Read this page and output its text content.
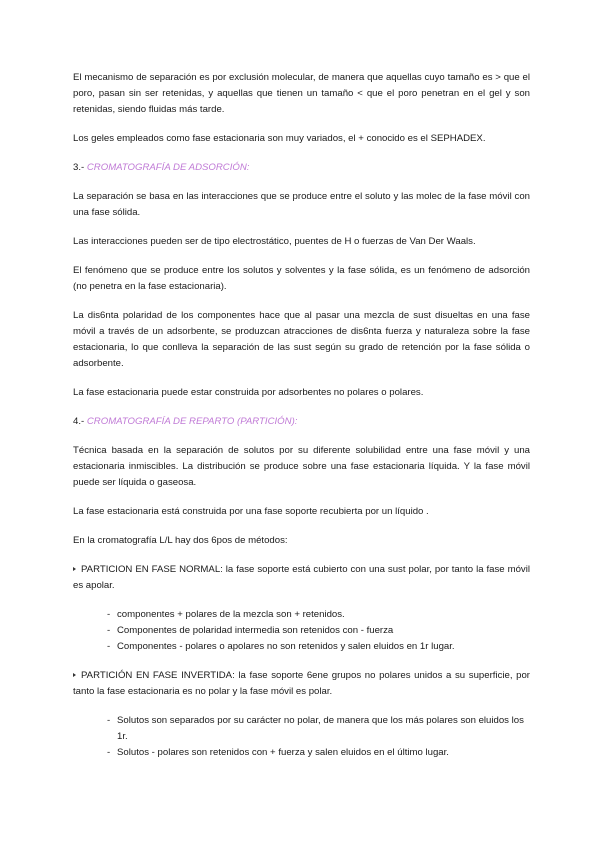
El mecanismo de separación es por exclusión molecular, de manera que aquellas cuyo tamaño es > que el poro, pasan sin ser retenidas, y aquellas que tienen un tamaño < que el poro penetran en el gel y son retenidas, siendo fluidas más tarde.

Los geles empleados como fase estacionaria son muy variados, el + conocido es el SEPHADEX.

3.- CROMATOGRAFÍA DE ADSORCIÓN:

La separación se basa en las interacciones que se produce entre el soluto y las molec de la fase móvil con una fase sólida.

Las interacciones pueden ser de tipo electrostático, puentes de H o fuerzas de Van Der Waals.

El fenómeno que se produce entre los solutos y solventes y la fase sólida, es un fenómeno de adsorción (no penetra en la fase estacionaria).

La dis6nta polaridad de los componentes hace que al pasar una mezcla de sust disueltas en una fase móvil a través de un adsorbente, se produzcan atracciones de dis6nta fuerza y naturaleza sobre la fase estacionaria, lo que conlleva la separación de las sust según su grado de retención por la fase sólida o adsorbente.

La fase estacionaria puede estar construida por adsorbentes no polares o polares.

4.- CROMATOGRAFÍA DE REPARTO (PARTICIÓN):

Técnica basada en la separación de solutos por su diferente solubilidad entre una fase móvil y una estacionaria inmiscibles. La distribución se produce sobre una fase estacionaria líquida. Y la fase móvil puede ser líquida o gaseosa.

La fase estacionaria está construida por una fase soporte recubierta por un líquido .

En la cromatografía L/L hay dos 6pos de métodos:

PARTICION EN FASE NORMAL: la fase soporte está cubierto con una sust polar, por tanto la fase móvil es apolar.

- componentes + polares de la mezcla son + retenidos.
- Componentes de polaridad intermedia son retenidos con - fuerza
- Componentes - polares o apolares no son retenidos y salen eluidos en 1r lugar.

PARTICIÓN EN FASE INVERTIDA: la fase soporte 6ene grupos no polares unidos a su superficie, por tanto la fase estacionaria es no polar y la fase móvil es polar.

- Solutos son separados por su carácter no polar, de manera que los más polares son eluidos los 1r.
- Solutos - polares son retenidos con + fuerza y salen eluidos en el último lugar.
